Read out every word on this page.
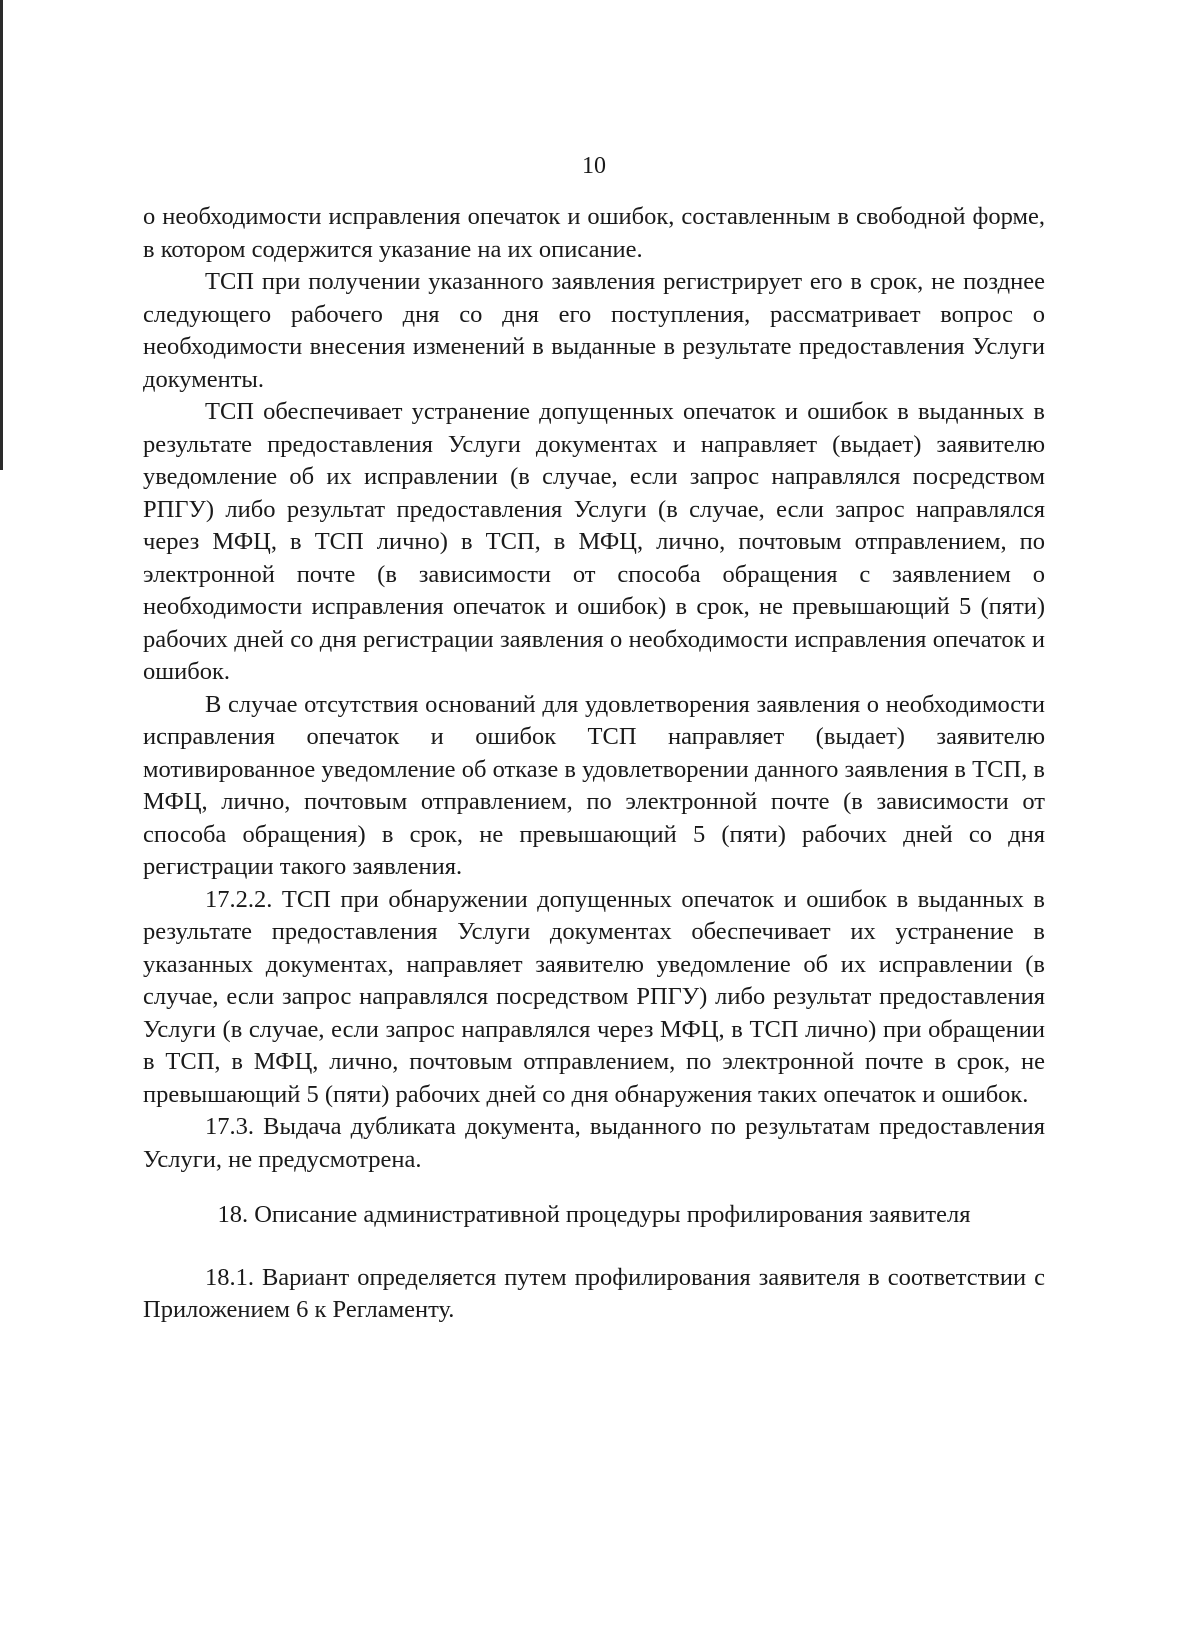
10

о необходимости исправления опечаток и ошибок, составленным в свободной форме, в котором содержится указание на их описание.

ТСП при получении указанного заявления регистрирует его в срок, не позднее следующего рабочего дня со дня его поступления, рассматривает вопрос о необходимости внесения изменений в выданные в результате предоставления Услуги документы.

ТСП обеспечивает устранение допущенных опечаток и ошибок в выданных в результате предоставления Услуги документах и направляет (выдает) заявителю уведомление об их исправлении (в случае, если запрос направлялся посредством РПГУ) либо результат предоставления Услуги (в случае, если запрос направлялся через МФЦ, в ТСП лично) в ТСП, в МФЦ, лично, почтовым отправлением, по электронной почте (в зависимости от способа обращения с заявлением о необходимости исправления опечаток и ошибок) в срок, не превышающий 5 (пяти) рабочих дней со дня регистрации заявления о необходимости исправления опечаток и ошибок.

В случае отсутствия оснований для удовлетворения заявления о необходимости исправления опечаток и ошибок ТСП направляет (выдает) заявителю мотивированное уведомление об отказе в удовлетворении данного заявления в ТСП, в МФЦ, лично, почтовым отправлением, по электронной почте (в зависимости от способа обращения) в срок, не превышающий 5 (пяти) рабочих дней со дня регистрации такого заявления.

17.2.2. ТСП при обнаружении допущенных опечаток и ошибок в выданных в результате предоставления Услуги документах обеспечивает их устранение в указанных документах, направляет заявителю уведомление об их исправлении (в случае, если запрос направлялся посредством РПГУ) либо результат предоставления Услуги (в случае, если запрос направлялся через МФЦ, в ТСП лично) при обращении в ТСП, в МФЦ, лично, почтовым отправлением, по электронной почте в срок, не превышающий 5 (пяти) рабочих дней со дня обнаружения таких опечаток и ошибок.

17.3. Выдача дубликата документа, выданного по результатам предоставления Услуги, не предусмотрена.

18. Описание административной процедуры профилирования заявителя

18.1. Вариант определяется путем профилирования заявителя в соответствии с Приложением 6 к Регламенту.
